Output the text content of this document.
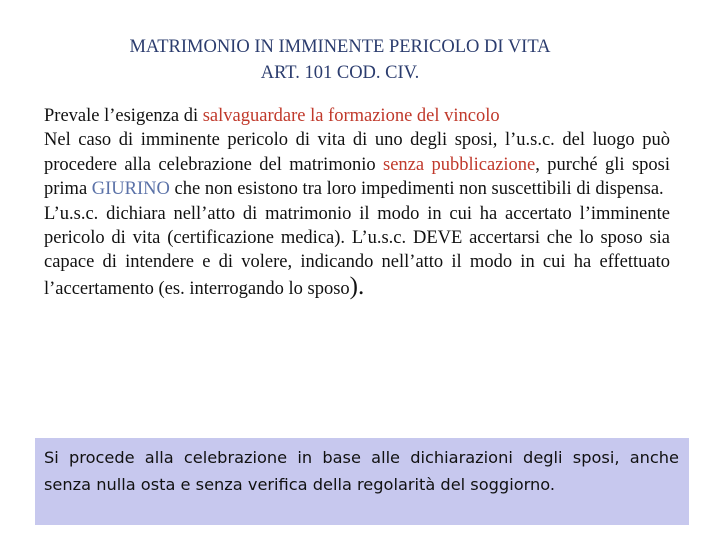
MATRIMONIO IN IMMINENTE PERICOLO DI VITA
ART. 101 COD. CIV.

Prevale l’esigenza di salvaguardare la formazione del vincolo

Nel caso di imminente pericolo di vita di uno degli sposi, l’u.s.c. del luogo può procedere alla celebrazione del matrimonio senza pubblicazione, purché gli sposi prima GIURINO che non esistono tra loro impedimenti non suscettibili di dispensa.

L’u.s.c. dichiara nell’atto di matrimonio il modo in cui ha accertato l’imminente pericolo di vita (certificazione medica). L’u.s.c. DEVE accertarsi che lo sposo sia capace di intendere e di volere, indicando nell’atto il modo in cui ha effettuato l’accertamento (es. interrogando lo sposo).

Si procede alla celebrazione in base alle dichiarazioni degli sposi, anche senza nulla osta e senza verifica della regolarità del soggiorno.
